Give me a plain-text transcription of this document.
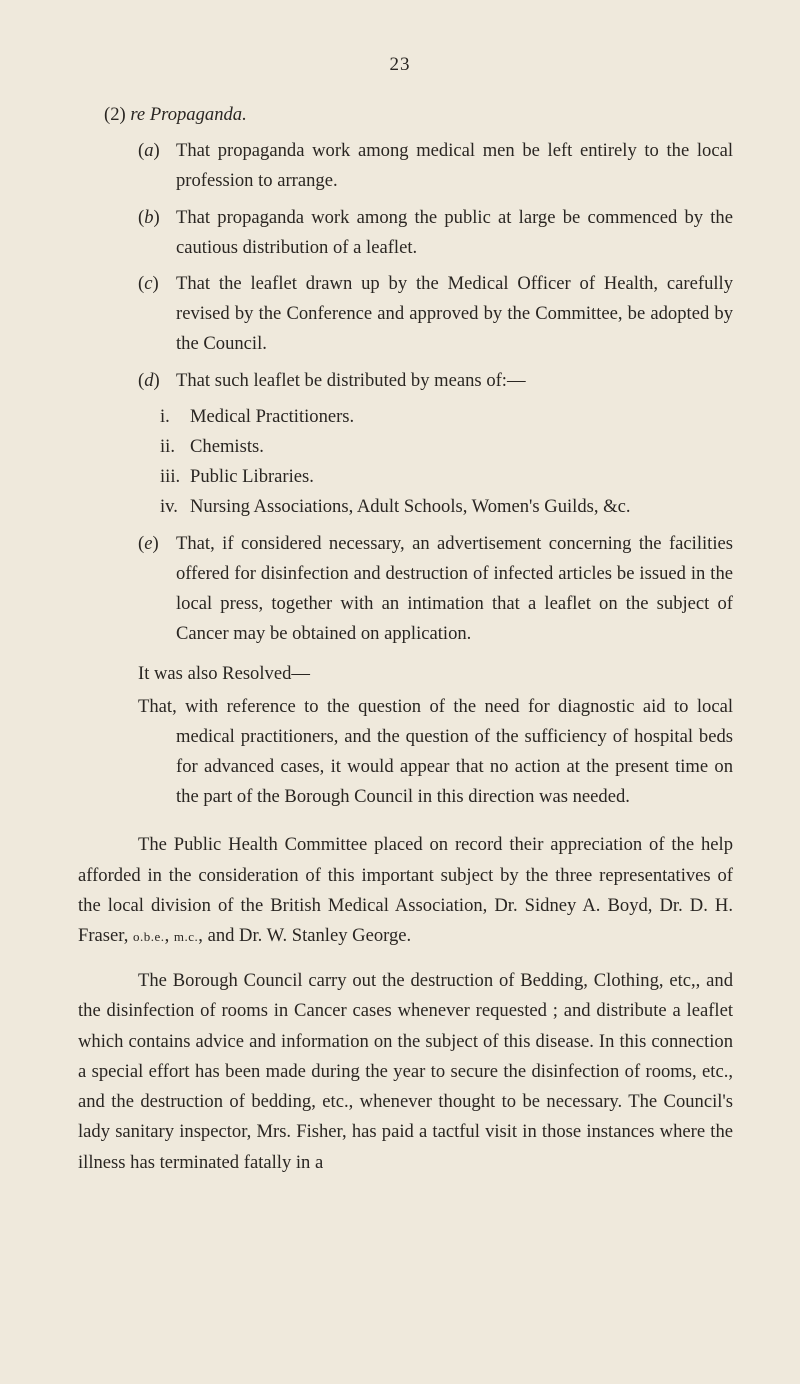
23

(2) re Propaganda.

(a) That propaganda work among medical men be left entirely to the local profession to arrange.

(b) That propaganda work among the public at large be commenced by the cautious distribution of a leaflet.

(c) That the leaflet drawn up by the Medical Officer of Health, carefully revised by the Conference and approved by the Committee, be adopted by the Council.

(d) That such leaflet be distributed by means of:—

i. Medical Practitioners.
ii. Chemists.
iii. Public Libraries.
iv. Nursing Associations, Adult Schools, Women's Guilds, &c.

(e) That, if considered necessary, an advertisement concerning the facilities offered for disinfection and destruction of infected articles be issued in the local press, together with an intimation that a leaflet on the subject of Cancer may be obtained on application.

It was also Resolved—

That, with reference to the question of the need for diagnostic aid to local medical practitioners, and the question of the sufficiency of hospital beds for advanced cases, it would appear that no action at the present time on the part of the Borough Council in this direction was needed.

The Public Health Committee placed on record their appreciation of the help afforded in the consideration of this important subject by the three representatives of the local division of the British Medical Association, Dr. Sidney A. Boyd, Dr. D. H. Fraser, o.b.e., m.c., and Dr. W. Stanley George.

The Borough Council carry out the destruction of Bedding, Clothing, etc,, and the disinfection of rooms in Cancer cases whenever requested ; and distribute a leaflet which contains advice and information on the subject of this disease. In this connection a special effort has been made during the year to secure the disinfection of rooms, etc., and the destruction of bedding, etc., whenever thought to be necessary. The Council's lady sanitary inspector, Mrs. Fisher, has paid a tactful visit in those instances where the illness has terminated fatally in a
